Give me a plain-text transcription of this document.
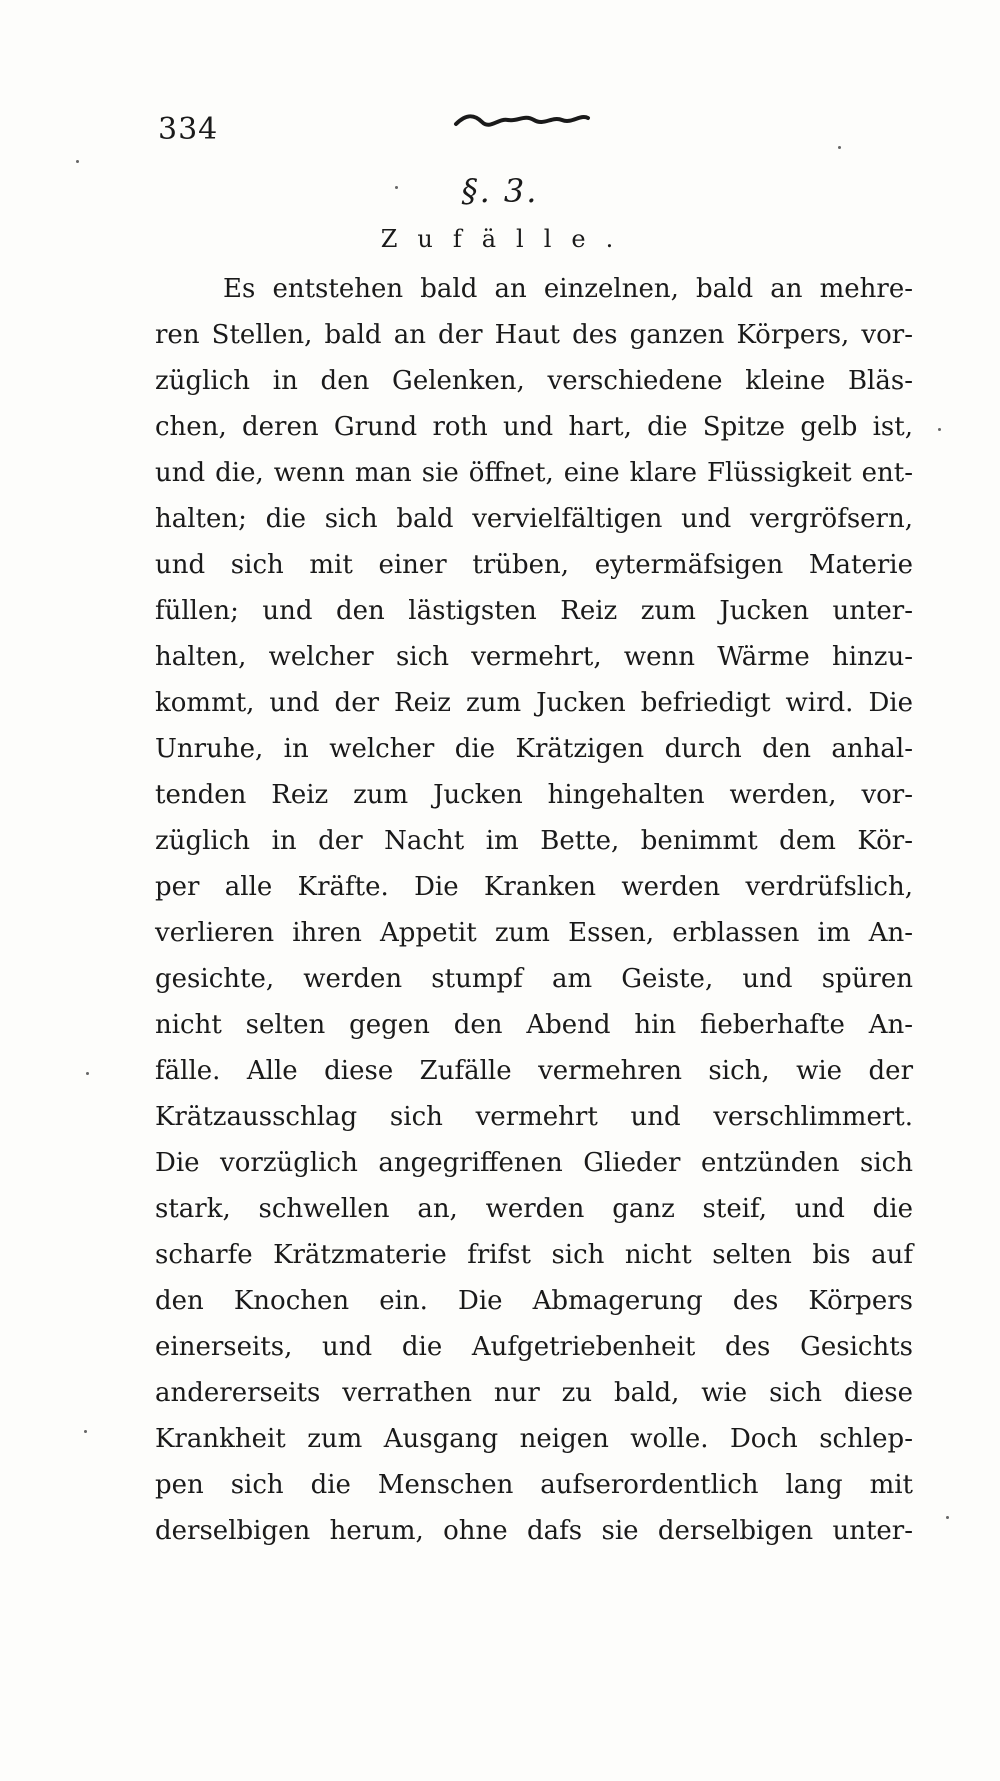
334
§. 3.
Zufälle.
Es entstehen bald an einzelnen, bald an mehre-
ren Stellen, bald an der Haut des ganzen Körpers, vor-
züglich in den Gelenken, verschiedene kleine Bläs-
chen, deren Grund roth und hart, die Spitze gelb ist,
und die, wenn man sie öffnet, eine klare Flüssigkeit ent-
halten; die sich bald vervielfältigen und vergröfsern,
und sich mit einer trüben, eytermäfsigen Materie
füllen; und den lästigsten Reiz zum Jucken unter-
halten, welcher sich vermehrt, wenn Wärme hinzu-
kommt, und der Reiz zum Jucken befriedigt wird. Die
Unruhe, in welcher die Krätzigen durch den anhal-
tenden Reiz zum Jucken hingehalten werden, vor-
züglich in der Nacht im Bette, benimmt dem Kör-
per alle Kräfte. Die Kranken werden verdrüfslich,
verlieren ihren Appetit zum Essen, erblassen im An-
gesichte, werden stumpf am Geiste, und spüren
nicht selten gegen den Abend hin fieberhafte An-
fälle. Alle diese Zufälle vermehren sich, wie der
Krätzausschlag sich vermehrt und verschlimmert.
Die vorzüglich angegriffenen Glieder entzünden sich
stark, schwellen an, werden ganz steif, und die
scharfe Krätzmaterie frifst sich nicht selten bis auf
den Knochen ein. Die Abmagerung des Körpers
einerseits, und die Aufgetriebenheit des Gesichts
andererseits verrathen nur zu bald, wie sich diese
Krankheit zum Ausgang neigen wolle. Doch schlep-
pen sich die Menschen aufserordentlich lang mit
derselbigen herum, ohne dafs sie derselbigen unter-
